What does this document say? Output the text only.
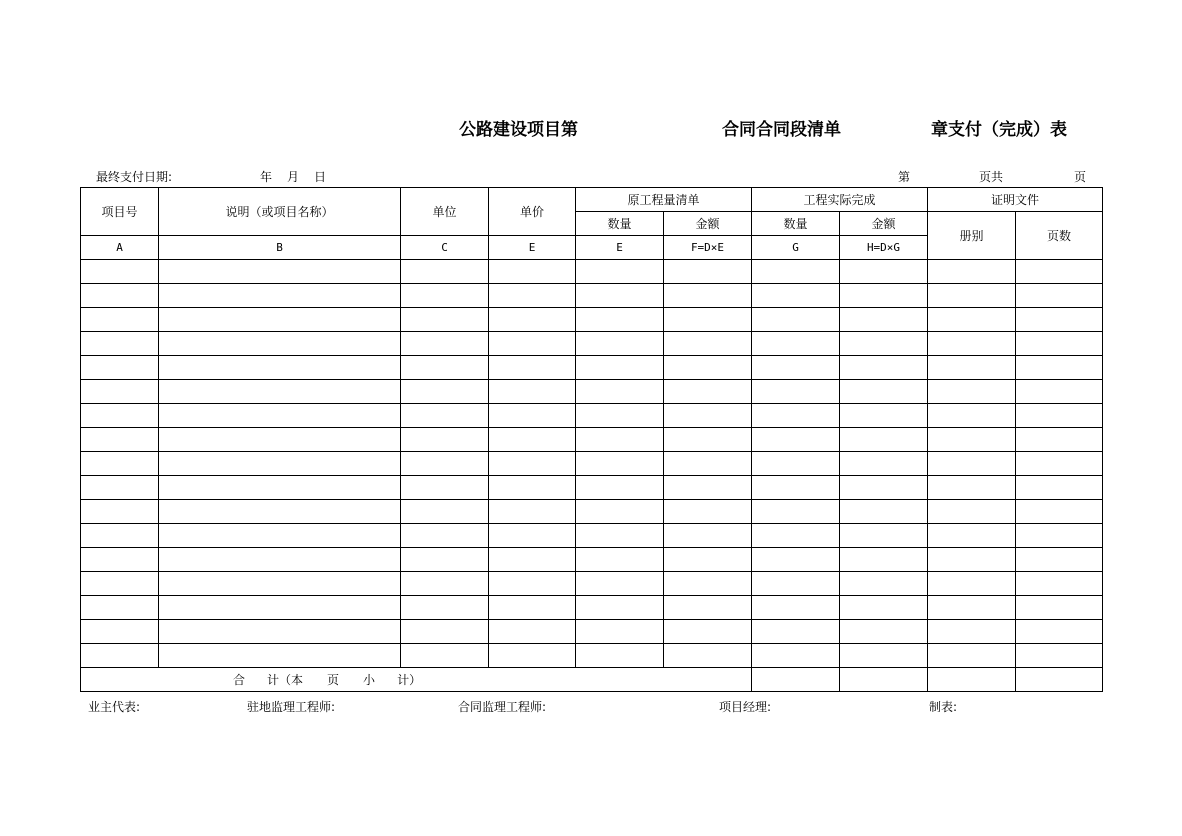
公路建设项目第	合同合同段清单	章支付（完成）表
最终支付日期:	年 月 日	第	页共	页
项目号	说明（或项目名称）	单位	单价	原工程量清单		工程实际完成		证明文件	
				数量	金额	数量	金额	册别	页数
A	B	C	E	E	F=D×E	G	H=D×G		

合 计（本 页 小 计）									
业主代表:	驻地监理工程师:	合同监理工程师:	项目经理:	制表:
